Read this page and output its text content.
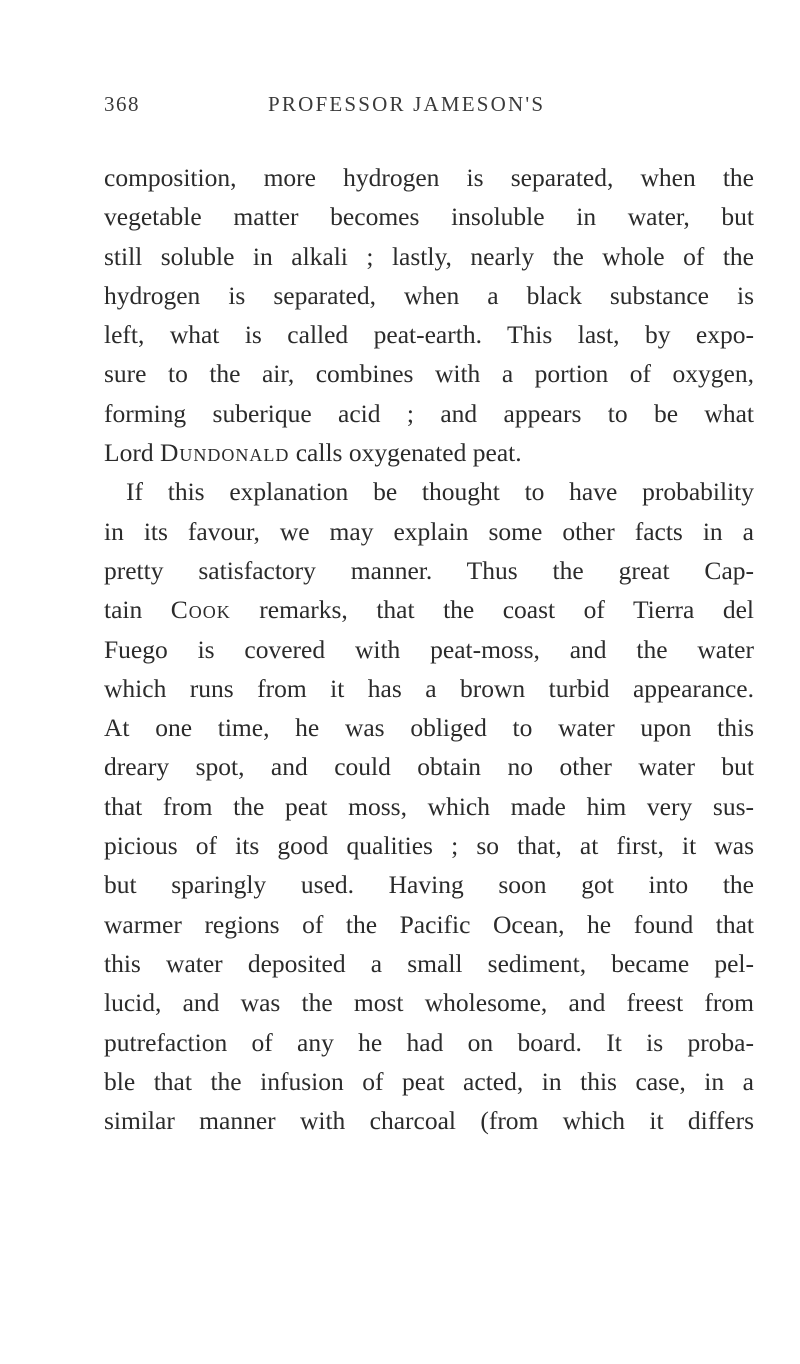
368	PROFESSOR JAMESON'S
composition, more hydrogen is separated, when the
vegetable matter becomes insoluble in water, but
still soluble in alkali ; lastly, nearly the whole of the
hydrogen is separated, when a black substance is
left, what is called peat-earth. This last, by expo-
sure to the air, combines with a portion of oxygen,
forming suberique acid ; and appears to be what
Lord Dundonald calls oxygenated peat.
If this explanation be thought to have probability
in its favour, we may explain some other facts in a
pretty satisfactory manner. Thus the great Cap-
tain Cook remarks, that the coast of Tierra del
Fuego is covered with peat-moss, and the water
which runs from it has a brown turbid appearance.
At one time, he was obliged to water upon this
dreary spot, and could obtain no other water but
that from the peat moss, which made him very sus-
picious of its good qualities ; so that, at first, it was
but sparingly used. Having soon got into the
warmer regions of the Pacific Ocean, he found that
this water deposited a small sediment, became pel-
lucid, and was the most wholesome, and freest from
putrefaction of any he had on board. It is proba-
ble that the infusion of peat acted, in this case, in a
similar manner with charcoal (from which it differs
